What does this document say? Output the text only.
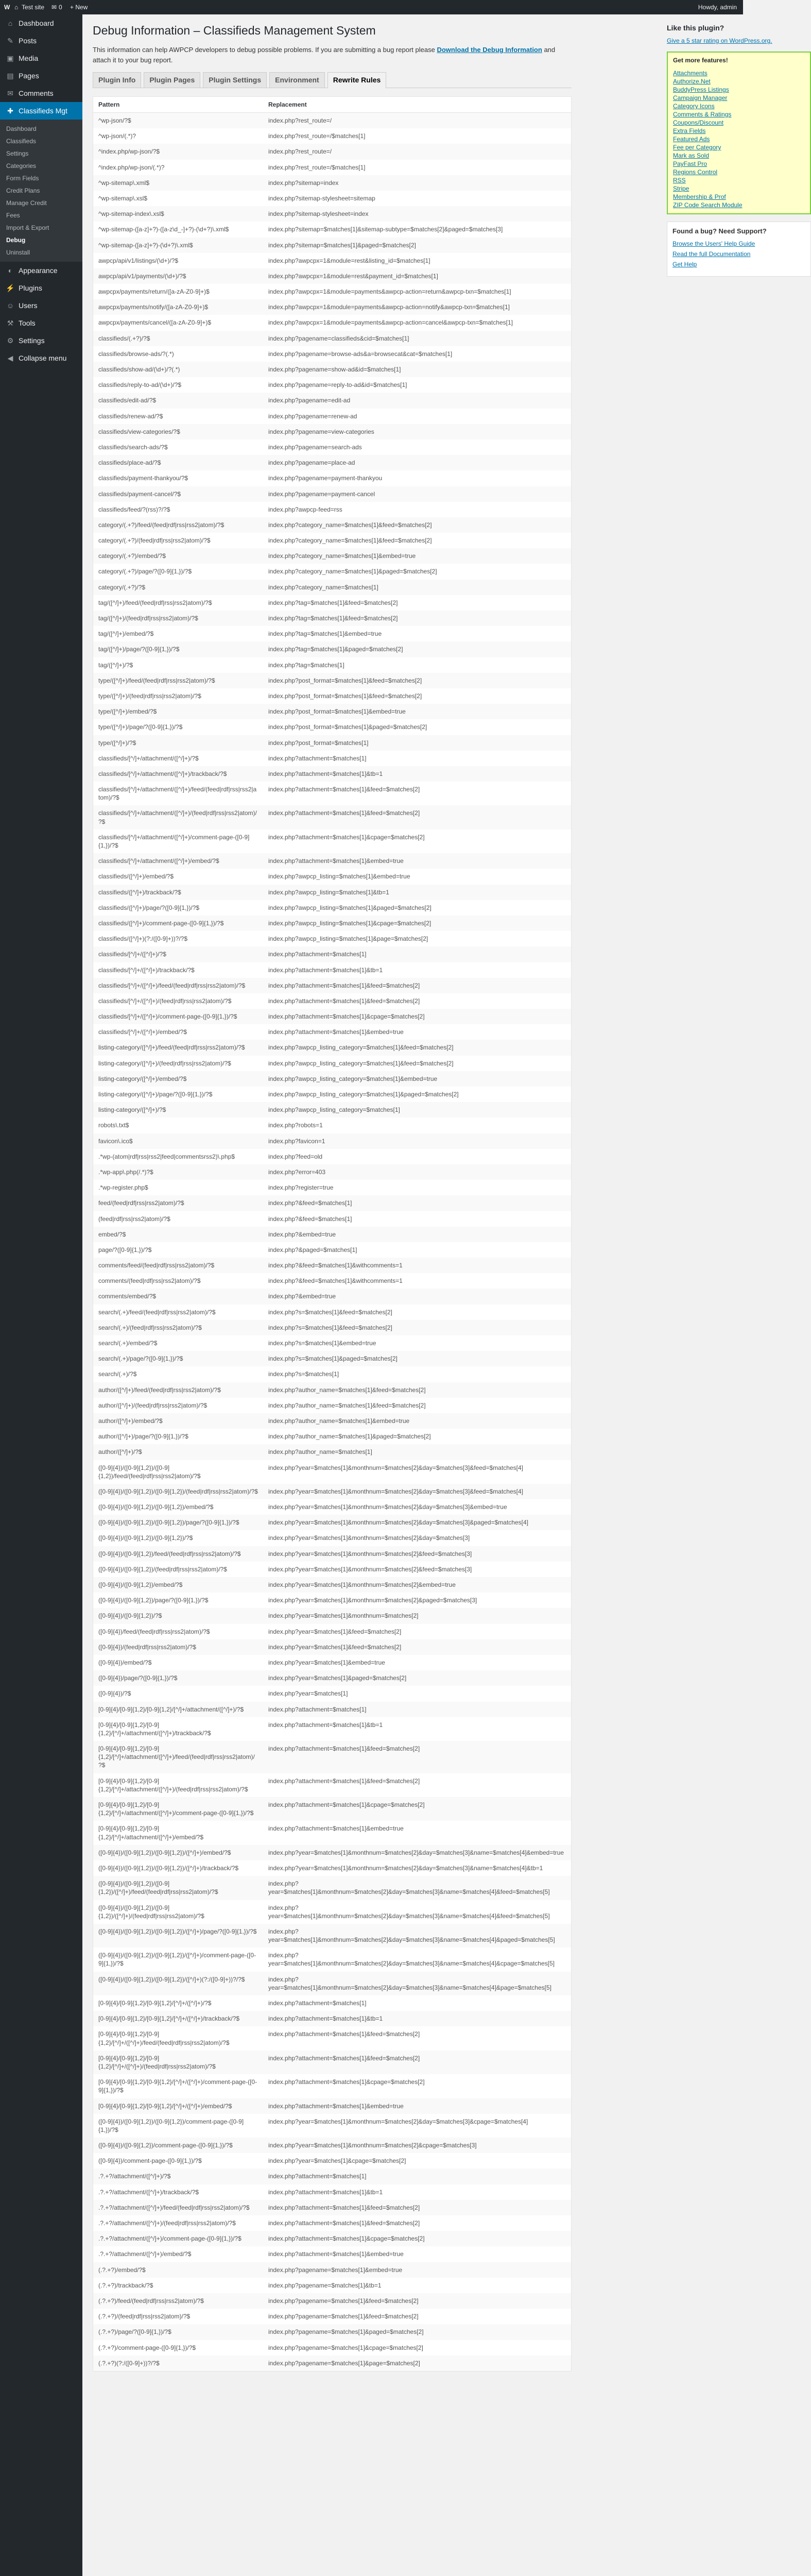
W ⌂ Test site ✉ 0 + New	Howdy, admin
⌂ Dashboard
✎ Posts
▣ Media
▤ Pages
✉ Comments
✚ Classifieds Mgt
Dashboard
Classifieds
Settings
Categories
Form Fields
Credit Plans
Manage Credit
Fees
Import & Export
Debug
Uninstall
◐ Appearance
⚡ Plugins
☺ Users
⚒ Tools
⚙ Settings
◀ Collapse menu
Debug Information – Classifieds Management System

This information can help AWPCP developers to debug possible problems. If you are submitting a bug report please Download the Debug Information and attach it to your bug report.

Plugin Info	Plugin Pages	Plugin Settings	Environment	Rewrite Rules
Pattern	Replacement
^wp-json/?$	index.php?rest_route=/
^wp-json/(.*)?	index.php?rest_route=/$matches[1]
^index.php/wp-json/?$	index.php?rest_route=/
^index.php/wp-json/(.*)?	index.php?rest_route=/$matches[1]
^wp-sitemap\.xml$	index.php?sitemap=index
^wp-sitemap\.xsl$	index.php?sitemap-stylesheet=sitemap
^wp-sitemap-index\.xsl$	index.php?sitemap-stylesheet=index
^wp-sitemap-([a-z]+?)-([a-z\d_-]+?)-(\d+?)\.xml$	index.php?sitemap=$matches[1]&sitemap-subtype=$matches[2]&paged=$matches[3]
^wp-sitemap-([a-z]+?)-(\d+?)\.xml$	index.php?sitemap=$matches[1]&paged=$matches[2]
awpcp/api/v1/listings/(\d+)/?$	index.php?awpcpx=1&module=rest&listing_id=$matches[1]
awpcp/api/v1/payments/(\d+)/?$	index.php?awpcpx=1&module=rest&payment_id=$matches[1]
awpcpx/payments/return/([a-zA-Z0-9]+)$	index.php?awpcpx=1&module=payments&awpcp-action=return&awpcp-txn=$matches[1]
awpcpx/payments/notify/([a-zA-Z0-9]+)$	index.php?awpcpx=1&module=payments&awpcp-action=notify&awpcp-txn=$matches[1]
awpcpx/payments/cancel/([a-zA-Z0-9]+)$	index.php?awpcpx=1&module=payments&awpcp-action=cancel&awpcp-txn=$matches[1]
classifieds/(.+?)/?$	index.php?pagename=classifieds&cid=$matches[1]
classifieds/browse-ads/?(.*)	index.php?pagename=browse-ads&a=browsecat&cat=$matches[1]
classifieds/show-ad/(\d+)/?(.*)	index.php?pagename=show-ad&id=$matches[1]
classifieds/reply-to-ad/(\d+)/?$	index.php?pagename=reply-to-ad&id=$matches[1]
classifieds/edit-ad/?$	index.php?pagename=edit-ad
classifieds/renew-ad/?$	index.php?pagename=renew-ad
classifieds/view-categories/?$	index.php?pagename=view-categories
classifieds/search-ads/?$	index.php?pagename=search-ads
classifieds/place-ad/?$	index.php?pagename=place-ad
classifieds/payment-thankyou/?$	index.php?pagename=payment-thankyou
classifieds/payment-cancel/?$	index.php?pagename=payment-cancel
classifieds/feed/?(rss)?/?$	index.php?awpcp-feed=rss
category/(.+?)/feed/(feed|rdf|rss|rss2|atom)/?$	index.php?category_name=$matches[1]&feed=$matches[2]
category/(.+?)/(feed|rdf|rss|rss2|atom)/?$	index.php?category_name=$matches[1]&feed=$matches[2]
category/(.+?)/embed/?$	index.php?category_name=$matches[1]&embed=true
category/(.+?)/page/?([0-9]{1,})/?$	index.php?category_name=$matches[1]&paged=$matches[2]
category/(.+?)/?$	index.php?category_name=$matches[1]
tag/([^/]+)/feed/(feed|rdf|rss|rss2|atom)/?$	index.php?tag=$matches[1]&feed=$matches[2]
tag/([^/]+)/(feed|rdf|rss|rss2|atom)/?$	index.php?tag=$matches[1]&feed=$matches[2]
tag/([^/]+)/embed/?$	index.php?tag=$matches[1]&embed=true
tag/([^/]+)/page/?([0-9]{1,})/?$	index.php?tag=$matches[1]&paged=$matches[2]
tag/([^/]+)/?$	index.php?tag=$matches[1]
type/([^/]+)/feed/(feed|rdf|rss|rss2|atom)/?$	index.php?post_format=$matches[1]&feed=$matches[2]
type/([^/]+)/(feed|rdf|rss|rss2|atom)/?$	index.php?post_format=$matches[1]&feed=$matches[2]
type/([^/]+)/embed/?$	index.php?post_format=$matches[1]&embed=true
type/([^/]+)/page/?([0-9]{1,})/?$	index.php?post_format=$matches[1]&paged=$matches[2]
type/([^/]+)/?$	index.php?post_format=$matches[1]
classifieds/[^/]+/attachment/([^/]+)/?$	index.php?attachment=$matches[1]
classifieds/[^/]+/attachment/([^/]+)/trackback/?$	index.php?attachment=$matches[1]&tb=1
classifieds/[^/]+/attachment/([^/]+)/feed/(feed|rdf|rss|rss2|atom)/?$	index.php?attachment=$matches[1]&feed=$matches[2]
classifieds/[^/]+/attachment/([^/]+)/(feed|rdf|rss|rss2|atom)/?$	index.php?attachment=$matches[1]&feed=$matches[2]
classifieds/[^/]+/attachment/([^/]+)/comment-page-([0-9]{1,})/?$	index.php?attachment=$matches[1]&cpage=$matches[2]
classifieds/[^/]+/attachment/([^/]+)/embed/?$	index.php?attachment=$matches[1]&embed=true
classifieds/([^/]+)/embed/?$	index.php?awpcp_listing=$matches[1]&embed=true
classifieds/([^/]+)/trackback/?$	index.php?awpcp_listing=$matches[1]&tb=1
classifieds/([^/]+)/page/?([0-9]{1,})/?$	index.php?awpcp_listing=$matches[1]&paged=$matches[2]
classifieds/([^/]+)/comment-page-([0-9]{1,})/?$	index.php?awpcp_listing=$matches[1]&cpage=$matches[2]
classifieds/([^/]+)(?:/([0-9]+))?/?$	index.php?awpcp_listing=$matches[1]&page=$matches[2]
classifieds/[^/]+/([^/]+)/?$	index.php?attachment=$matches[1]
classifieds/[^/]+/([^/]+)/trackback/?$	index.php?attachment=$matches[1]&tb=1
classifieds/[^/]+/([^/]+)/feed/(feed|rdf|rss|rss2|atom)/?$	index.php?attachment=$matches[1]&feed=$matches[2]
classifieds/[^/]+/([^/]+)/(feed|rdf|rss|rss2|atom)/?$	index.php?attachment=$matches[1]&feed=$matches[2]
classifieds/[^/]+/([^/]+)/comment-page-([0-9]{1,})/?$	index.php?attachment=$matches[1]&cpage=$matches[2]
classifieds/[^/]+/([^/]+)/embed/?$	index.php?attachment=$matches[1]&embed=true
listing-category/([^/]+)/feed/(feed|rdf|rss|rss2|atom)/?$	index.php?awpcp_listing_category=$matches[1]&feed=$matches[2]
listing-category/([^/]+)/(feed|rdf|rss|rss2|atom)/?$	index.php?awpcp_listing_category=$matches[1]&feed=$matches[2]
listing-category/([^/]+)/embed/?$	index.php?awpcp_listing_category=$matches[1]&embed=true
listing-category/([^/]+)/page/?([0-9]{1,})/?$	index.php?awpcp_listing_category=$matches[1]&paged=$matches[2]
listing-category/([^/]+)/?$	index.php?awpcp_listing_category=$matches[1]
robots\.txt$	index.php?robots=1
favicon\.ico$	index.php?favicon=1
.*wp-(atom|rdf|rss|rss2|feed|commentsrss2)\.php$	index.php?feed=old
.*wp-app\.php(/.*)?$	index.php?error=403
.*wp-register.php$	index.php?register=true
feed/(feed|rdf|rss|rss2|atom)/?$	index.php?&feed=$matches[1]
(feed|rdf|rss|rss2|atom)/?$	index.php?&feed=$matches[1]
embed/?$	index.php?&embed=true
page/?([0-9]{1,})/?$	index.php?&paged=$matches[1]
comments/feed/(feed|rdf|rss|rss2|atom)/?$	index.php?&feed=$matches[1]&withcomments=1
comments/(feed|rdf|rss|rss2|atom)/?$	index.php?&feed=$matches[1]&withcomments=1
comments/embed/?$	index.php?&embed=true
search/(.+)/feed/(feed|rdf|rss|rss2|atom)/?$	index.php?s=$matches[1]&feed=$matches[2]
search/(.+)/(feed|rdf|rss|rss2|atom)/?$	index.php?s=$matches[1]&feed=$matches[2]
search/(.+)/embed/?$	index.php?s=$matches[1]&embed=true
search/(.+)/page/?([0-9]{1,})/?$	index.php?s=$matches[1]&paged=$matches[2]
search/(.+)/?$	index.php?s=$matches[1]
author/([^/]+)/feed/(feed|rdf|rss|rss2|atom)/?$	index.php?author_name=$matches[1]&feed=$matches[2]
author/([^/]+)/(feed|rdf|rss|rss2|atom)/?$	index.php?author_name=$matches[1]&feed=$matches[2]
author/([^/]+)/embed/?$	index.php?author_name=$matches[1]&embed=true
author/([^/]+)/page/?([0-9]{1,})/?$	index.php?author_name=$matches[1]&paged=$matches[2]
author/([^/]+)/?$	index.php?author_name=$matches[1]
([0-9]{4})/([0-9]{1,2})/([0-9]{1,2})/feed/(feed|rdf|rss|rss2|atom)/?$	index.php?year=$matches[1]&monthnum=$matches[2]&day=$matches[3]&feed=$matches[4]
([0-9]{4})/([0-9]{1,2})/([0-9]{1,2})/(feed|rdf|rss|rss2|atom)/?$	index.php?year=$matches[1]&monthnum=$matches[2]&day=$matches[3]&feed=$matches[4]
([0-9]{4})/([0-9]{1,2})/([0-9]{1,2})/embed/?$	index.php?year=$matches[1]&monthnum=$matches[2]&day=$matches[3]&embed=true
([0-9]{4})/([0-9]{1,2})/([0-9]{1,2})/page/?([0-9]{1,})/?$	index.php?year=$matches[1]&monthnum=$matches[2]&day=$matches[3]&paged=$matches[4]
([0-9]{4})/([0-9]{1,2})/([0-9]{1,2})/?$	index.php?year=$matches[1]&monthnum=$matches[2]&day=$matches[3]
([0-9]{4})/([0-9]{1,2})/feed/(feed|rdf|rss|rss2|atom)/?$	index.php?year=$matches[1]&monthnum=$matches[2]&feed=$matches[3]
([0-9]{4})/([0-9]{1,2})/(feed|rdf|rss|rss2|atom)/?$	index.php?year=$matches[1]&monthnum=$matches[2]&feed=$matches[3]
([0-9]{4})/([0-9]{1,2})/embed/?$	index.php?year=$matches[1]&monthnum=$matches[2]&embed=true
([0-9]{4})/([0-9]{1,2})/page/?([0-9]{1,})/?$	index.php?year=$matches[1]&monthnum=$matches[2]&paged=$matches[3]
([0-9]{4})/([0-9]{1,2})/?$	index.php?year=$matches[1]&monthnum=$matches[2]
([0-9]{4})/feed/(feed|rdf|rss|rss2|atom)/?$	index.php?year=$matches[1]&feed=$matches[2]
([0-9]{4})/(feed|rdf|rss|rss2|atom)/?$	index.php?year=$matches[1]&feed=$matches[2]
([0-9]{4})/embed/?$	index.php?year=$matches[1]&embed=true
([0-9]{4})/page/?([0-9]{1,})/?$	index.php?year=$matches[1]&paged=$matches[2]
([0-9]{4})/?$	index.php?year=$matches[1]
[0-9]{4}/[0-9]{1,2}/[0-9]{1,2}/[^/]+/attachment/([^/]+)/?$	index.php?attachment=$matches[1]
[0-9]{4}/[0-9]{1,2}/[0-9]{1,2}/[^/]+/attachment/([^/]+)/trackback/?$	index.php?attachment=$matches[1]&tb=1
[0-9]{4}/[0-9]{1,2}/[0-9]{1,2}/[^/]+/attachment/([^/]+)/feed/(feed|rdf|rss|rss2|atom)/?$	index.php?attachment=$matches[1]&feed=$matches[2]
[0-9]{4}/[0-9]{1,2}/[0-9]{1,2}/[^/]+/attachment/([^/]+)/(feed|rdf|rss|rss2|atom)/?$	index.php?attachment=$matches[1]&feed=$matches[2]
[0-9]{4}/[0-9]{1,2}/[0-9]{1,2}/[^/]+/attachment/([^/]+)/comment-page-([0-9]{1,})/?$	index.php?attachment=$matches[1]&cpage=$matches[2]
[0-9]{4}/[0-9]{1,2}/[0-9]{1,2}/[^/]+/attachment/([^/]+)/embed/?$	index.php?attachment=$matches[1]&embed=true
([0-9]{4})/([0-9]{1,2})/([0-9]{1,2})/([^/]+)/embed/?$	index.php?year=$matches[1]&monthnum=$matches[2]&day=$matches[3]&name=$matches[4]&embed=true
([0-9]{4})/([0-9]{1,2})/([0-9]{1,2})/([^/]+)/trackback/?$	index.php?year=$matches[1]&monthnum=$matches[2]&day=$matches[3]&name=$matches[4]&tb=1
([0-9]{4})/([0-9]{1,2})/([0-9]{1,2})/([^/]+)/feed/(feed|rdf|rss|rss2|atom)/?$	index.php?year=$matches[1]&monthnum=$matches[2]&day=$matches[3]&name=$matches[4]&feed=$matches[5]
([0-9]{4})/([0-9]{1,2})/([0-9]{1,2})/([^/]+)/(feed|rdf|rss|rss2|atom)/?$	index.php?year=$matches[1]&monthnum=$matches[2]&day=$matches[3]&name=$matches[4]&feed=$matches[5]
([0-9]{4})/([0-9]{1,2})/([0-9]{1,2})/([^/]+)/page/?([0-9]{1,})/?$	index.php?year=$matches[1]&monthnum=$matches[2]&day=$matches[3]&name=$matches[4]&paged=$matches[5]
([0-9]{4})/([0-9]{1,2})/([0-9]{1,2})/([^/]+)/comment-page-([0-9]{1,})/?$	index.php?year=$matches[1]&monthnum=$matches[2]&day=$matches[3]&name=$matches[4]&cpage=$matches[5]
([0-9]{4})/([0-9]{1,2})/([0-9]{1,2})/([^/]+)(?:/([0-9]+))?/?$	index.php?year=$matches[1]&monthnum=$matches[2]&day=$matches[3]&name=$matches[4]&page=$matches[5]
[0-9]{4}/[0-9]{1,2}/[0-9]{1,2}/[^/]+/([^/]+)/?$	index.php?attachment=$matches[1]
[0-9]{4}/[0-9]{1,2}/[0-9]{1,2}/[^/]+/([^/]+)/trackback/?$	index.php?attachment=$matches[1]&tb=1
[0-9]{4}/[0-9]{1,2}/[0-9]{1,2}/[^/]+/([^/]+)/feed/(feed|rdf|rss|rss2|atom)/?$	index.php?attachment=$matches[1]&feed=$matches[2]
[0-9]{4}/[0-9]{1,2}/[0-9]{1,2}/[^/]+/([^/]+)/(feed|rdf|rss|rss2|atom)/?$	index.php?attachment=$matches[1]&feed=$matches[2]
[0-9]{4}/[0-9]{1,2}/[0-9]{1,2}/[^/]+/([^/]+)/comment-page-([0-9]{1,})/?$	index.php?attachment=$matches[1]&cpage=$matches[2]
[0-9]{4}/[0-9]{1,2}/[0-9]{1,2}/[^/]+/([^/]+)/embed/?$	index.php?attachment=$matches[1]&embed=true
([0-9]{4})/([0-9]{1,2})/([0-9]{1,2})/comment-page-([0-9]{1,})/?$	index.php?year=$matches[1]&monthnum=$matches[2]&day=$matches[3]&cpage=$matches[4]
([0-9]{4})/([0-9]{1,2})/comment-page-([0-9]{1,})/?$	index.php?year=$matches[1]&monthnum=$matches[2]&cpage=$matches[3]
([0-9]{4})/comment-page-([0-9]{1,})/?$	index.php?year=$matches[1]&cpage=$matches[2]
.?.+?/attachment/([^/]+)/?$	index.php?attachment=$matches[1]
.?.+?/attachment/([^/]+)/trackback/?$	index.php?attachment=$matches[1]&tb=1
.?.+?/attachment/([^/]+)/feed/(feed|rdf|rss|rss2|atom)/?$	index.php?attachment=$matches[1]&feed=$matches[2]
.?.+?/attachment/([^/]+)/(feed|rdf|rss|rss2|atom)/?$	index.php?attachment=$matches[1]&feed=$matches[2]
.?.+?/attachment/([^/]+)/comment-page-([0-9]{1,})/?$	index.php?attachment=$matches[1]&cpage=$matches[2]
.?.+?/attachment/([^/]+)/embed/?$	index.php?attachment=$matches[1]&embed=true
(.?.+?)/embed/?$	index.php?pagename=$matches[1]&embed=true
(.?.+?)/trackback/?$	index.php?pagename=$matches[1]&tb=1
(.?.+?)/feed/(feed|rdf|rss|rss2|atom)/?$	index.php?pagename=$matches[1]&feed=$matches[2]
(.?.+?)/(feed|rdf|rss|rss2|atom)/?$	index.php?pagename=$matches[1]&feed=$matches[2]
(.?.+?)/page/?([0-9]{1,})/?$	index.php?pagename=$matches[1]&paged=$matches[2]
(.?.+?)/comment-page-([0-9]{1,})/?$	index.php?pagename=$matches[1]&cpage=$matches[2]
(.?.+?)(?:/([0-9]+))?/?$	index.php?pagename=$matches[1]&page=$matches[2]
Like this plugin?
Give a 5 star rating on WordPress.org.
Get more features!
Attachments
Authorize.Net
BuddyPress Listings
Campaign Manager
Category Icons
Comments & Ratings
Coupons/Discount
Extra Fields
Featured Ads
Fee per Category
Mark as Sold
PayFast Pro
Regions Control
RSS
Stripe
Membership & Prof
ZIP Code Search Module
Found a bug? Need Support?

Browse the Users' Help Guide

Read the full Documentation

Get Help
